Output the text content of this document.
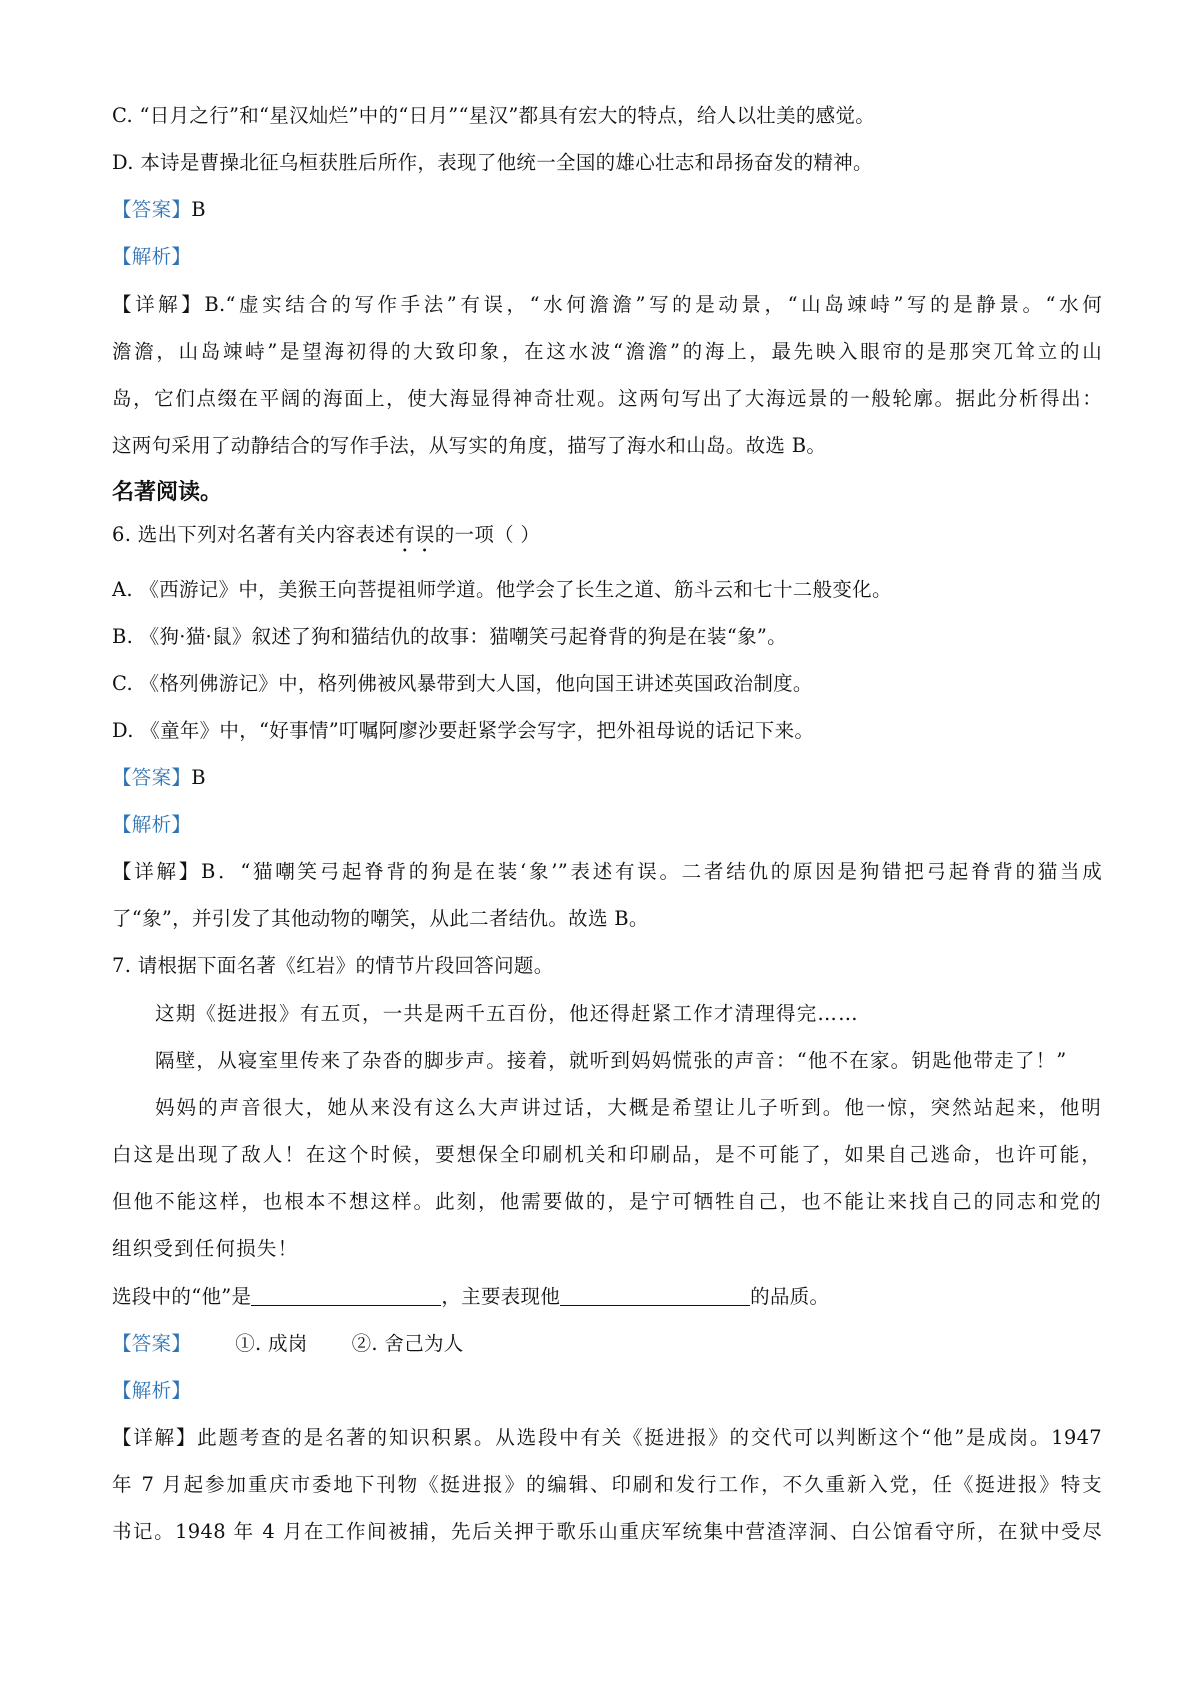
C. “日月之行”和“星汉灿烂”中的“日月”“星汉”都具有宏大的特点，给人以壮美的感觉。
D. 本诗是曹操北征乌桓获胜后所作，表现了他统一全国的雄心壮志和昂扬奋发的精神。
【答案】B
【解析】
【详解】B.“虚实结合的写作手法”有误，“水何澹澹”写的是动景，“山岛竦峙”写的是静景。“水何
澹澹，山岛竦峙”是望海初得的大致印象，在这水波“澹澹”的海上，最先映入眼帘的是那突兀耸立的山
岛，它们点缀在平阔的海面上，使大海显得神奇壮观。这两句写出了大海远景的一般轮廓。据此分析得出：
这两句采用了动静结合的写作手法，从写实的角度，描写了海水和山岛。故选 B。
名著阅读。
6. 选出下列对名著有关内容表述有误的一项（ ）
A. 《西游记》中，美猴王向菩提祖师学道。他学会了长生之道、筋斗云和七十二般变化。
B. 《狗·猫·鼠》叙述了狗和猫结仇的故事：猫嘲笑弓起脊背的狗是在装“象”。
C. 《格列佛游记》中，格列佛被风暴带到大人国，他向国王讲述英国政治制度。
D. 《童年》中，“好事情”叮嘱阿廖沙要赶紧学会写字，把外祖母说的话记下来。
【答案】B
【解析】
【详解】B．“猫嘲笑弓起脊背的狗是在装‘象’”表述有误。二者结仇的原因是狗错把弓起脊背的猫当成
了“象”，并引发了其他动物的嘲笑，从此二者结仇。故选 B。
7. 请根据下面名著《红岩》的情节片段回答问题。
这期《挺进报》有五页，一共是两千五百份，他还得赶紧工作才清理得完……
隔壁，从寝室里传来了杂沓的脚步声。接着，就听到妈妈慌张的声音：“他不在家。钥匙他带走了！”
妈妈的声音很大，她从来没有这么大声讲过话，大概是希望让儿子听到。他一惊，突然站起来，他明
白这是出现了敌人！在这个时候，要想保全印刷机关和印刷品，是不可能了，如果自己逃命，也许可能，
但他不能这样，也根本不想这样。此刻，他需要做的，是宁可牺牲自己，也不能让来找自己的同志和党的
组织受到任何损失！
选段中的“他”是	，主要表现他	的品质。
【答案】 ①. 成岗 ②. 舍己为人
【解析】
【详解】此题考查的是名著的知识积累。从选段中有关《挺进报》的交代可以判断这个“他”是成岗。1947
年 7 月起参加重庆市委地下刊物《挺进报》的编辑、印刷和发行工作，不久重新入党，任《挺进报》特支
书记。1948 年 4 月在工作间被捕，先后关押于歌乐山重庆军统集中营渣滓洞、白公馆看守所，在狱中受尽
